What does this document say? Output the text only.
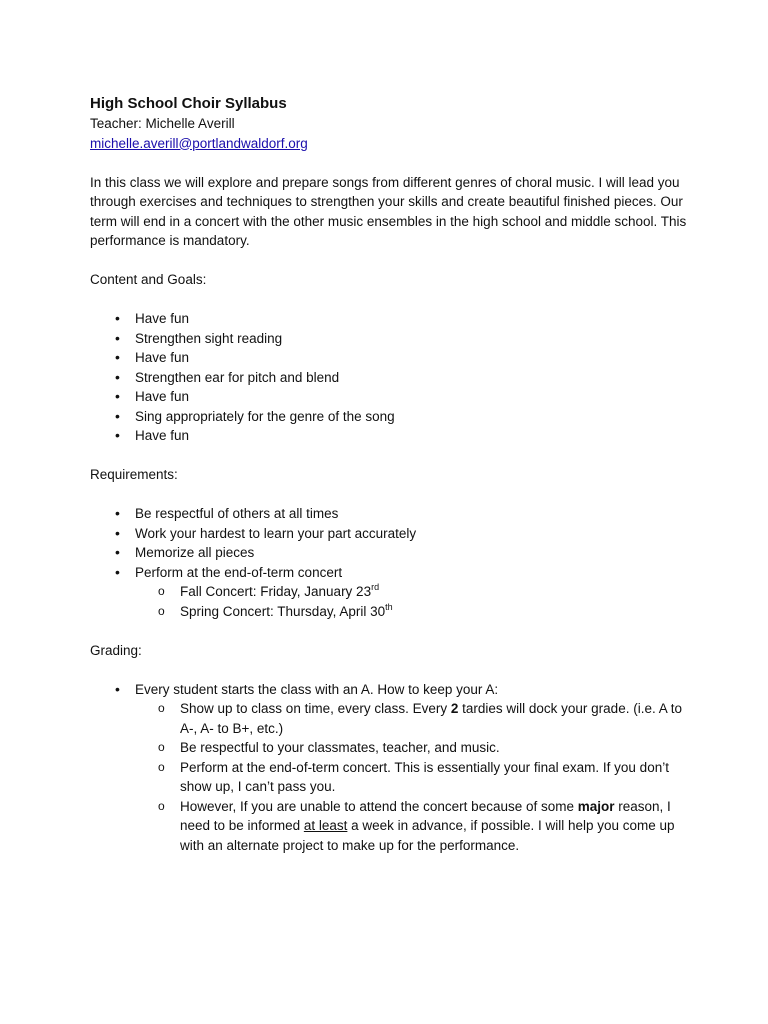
High School Choir Syllabus

Teacher: Michelle Averill

michelle.averill@portlandwaldorf.org

In this class we will explore and prepare songs from different genres of choral music. I will lead you through exercises and techniques to strengthen your skills and create beautiful finished pieces. Our term will end in a concert with the other music ensembles in the high school and middle school. This performance is mandatory.

Content and Goals:

• Have fun
• Strengthen sight reading
• Have fun
• Strengthen ear for pitch and blend
• Have fun
• Sing appropriately for the genre of the song
• Have fun

Requirements:

• Be respectful of others at all times
• Work your hardest to learn your part accurately
• Memorize all pieces
• Perform at the end-of-term concert
o Fall Concert: Friday, January 23rd
o Spring Concert: Thursday, April 30th

Grading:

• Every student starts the class with an A. How to keep your A:
o Show up to class on time, every class. Every 2 tardies will dock your grade. (i.e. A to A-, A- to B+, etc.)
o Be respectful to your classmates, teacher, and music.
o Perform at the end-of-term concert. This is essentially your final exam. If you don’t show up, I can’t pass you.
o However, If you are unable to attend the concert because of some major reason, I need to be informed at least a week in advance, if possible. I will help you come up with an alternate project to make up for the performance.
